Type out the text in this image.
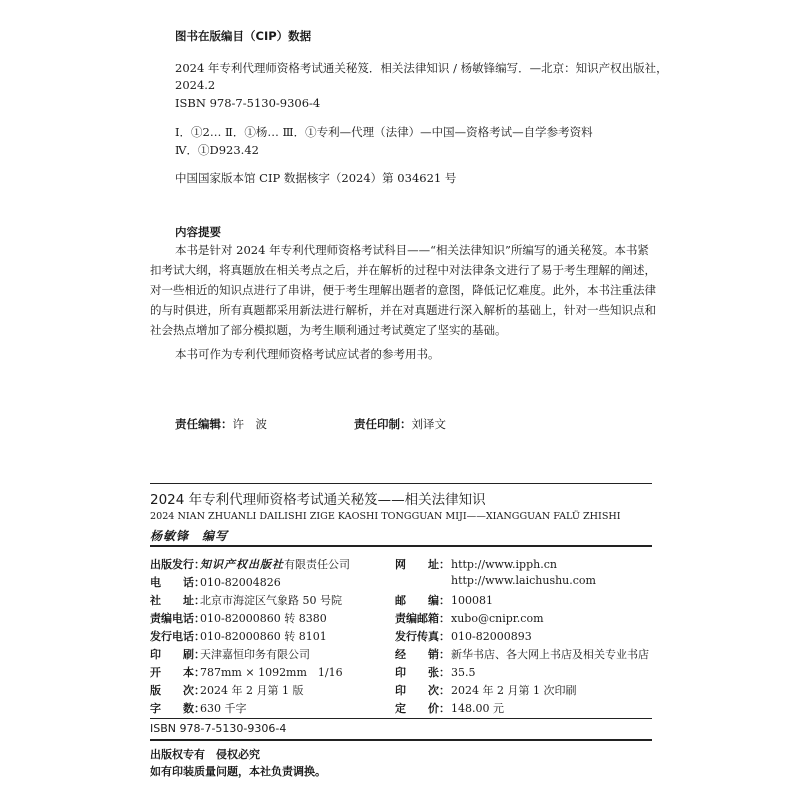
图书在版编目（CIP）数据
2024 年专利代理师资格考试通关秘笈．相关法律知识 / 杨敏锋编写．—北京：知识产权出版社，
2024.2
ISBN 978-7-5130-9306-4
Ⅰ．①2… Ⅱ．①杨… Ⅲ．①专利—代理（法律）—中国—资格考试—自学参考资料
Ⅳ．①D923.42
中国国家版本馆 CIP 数据核字（2024）第 034621 号
内容提要
本书是针对 2024 年专利代理师资格考试科目——“相关法律知识”所编写的通关秘笈。本书紧
扣考试大纲，将真题放在相关考点之后，并在解析的过程中对法律条文进行了易于考生理解的阐述，
对一些相近的知识点进行了串讲，便于考生理解出题者的意图，降低记忆难度。此外，本书注重法律
的与时俱进，所有真题都采用新法进行解析，并在对真题进行深入解析的基础上，针对一些知识点和
社会热点增加了部分模拟题，为考生顺利通过考试奠定了坚实的基础。
本书可作为专利代理师资格考试应试者的参考用书。
责任编辑：许　波	责任印制：刘译文
2024 年专利代理师资格考试通关秘笈——相关法律知识
2024 NIAN ZHUANLI DAILISHI ZIGE KAOSHI TONGGUAN MIJI——XIANGGUAN FALÜ ZHISHI
杨敏锋　编写
出版发行：知识产权出版社有限责任公司
电　　话：010-82004826
社　　址：北京市海淀区气象路 50 号院
责编电话：010-82000860 转 8380
发行电话：010-82000860 转 8101
印　　刷：天津嘉恒印务有限公司
开　　本：787mm × 1092mm　1/16
版　　次：2024 年 2 月第 1 版
字　　数：630 千字
网　　址：http://www.ipph.cn
http://www.laichushu.com
邮　　编：100081
责编邮箱：xubo@cnipr.com
发行传真：010-82000893
经　　销：新华书店、各大网上书店及相关专业书店
印　　张：35.5
印　　次：2024 年 2 月第 1 次印刷
定　　价：148.00 元
ISBN 978-7-5130-9306-4
出版权专有　侵权必究
如有印装质量问题，本社负责调换。
